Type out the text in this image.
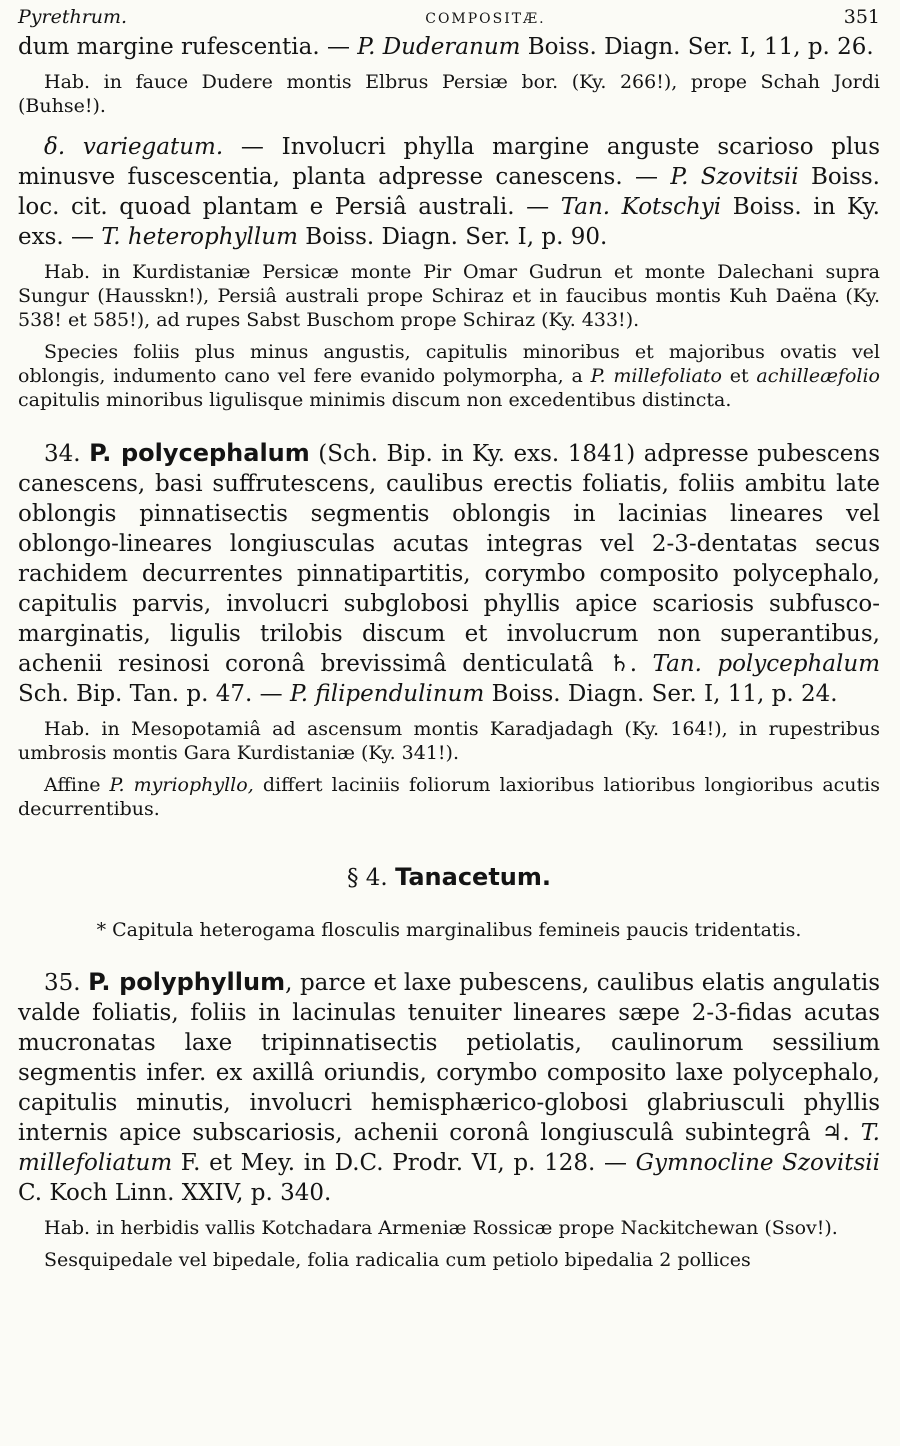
Pyrethrum.	COMPOSITÆ.	351

dum margine rufescentia. — P. Duderanum Boiss. Diagn. Ser. I, 11, p. 26.

Hab. in fauce Dudere montis Elbrus Persiæ bor. (Ky. 266!), prope Schah Jordi (Buhse!).

δ. variegatum. — Involucri phylla margine anguste scarioso plus minusve fuscescentia, planta adpresse canescens. — P. Szovitsii Boiss. loc. cit. quoad plantam e Persiâ australi. — Tan. Kotschyi Boiss. in Ky. exs. — T. heterophyllum Boiss. Diagn. Ser. I, p. 90.

Hab. in Kurdistaniæ Persicæ monte Pir Omar Gudrun et monte Dalechani supra Sungur (Hausskn!), Persiâ australi prope Schiraz et in faucibus montis Kuh Daëna (Ky. 538! et 585!), ad rupes Sabst Buschom prope Schiraz (Ky. 433!).

Species foliis plus minus angustis, capitulis minoribus et majoribus ovatis vel oblongis, indumento cano vel fere evanido polymorpha, a P. millefoliato et achilleæfolio capitulis minoribus ligulisque minimis discum non excedentibus distincta.

34. P. polycephalum (Sch. Bip. in Ky. exs. 1841) adpresse pubescens canescens, basi suffrutescens, caulibus erectis foliatis, foliis ambitu late oblongis pinnatisectis segmentis oblongis in lacinias lineares vel oblongo-lineares longiusculas acutas integras vel 2-3-dentatas secus rachidem decurrentes pinnatipartitis, corymbo composito polycephalo, capitulis parvis, involucri subglobosi phyllis apice scariosis subfusco-marginatis, ligulis trilobis discum et involucrum non superantibus, achenii resinosi coronâ brevissimâ denticulatâ ♄. Tan. polycephalum Sch. Bip. Tan. p. 47. — P. filipendulinum Boiss. Diagn. Ser. I, 11, p. 24.

Hab. in Mesopotamiâ ad ascensum montis Karadjadagh (Ky. 164!), in rupestribus umbrosis montis Gara Kurdistaniæ (Ky. 341!).

Affine P. myriophyllo, differt laciniis foliorum laxioribus latioribus longioribus acutis decurrentibus.

§ 4. Tanacetum.
* Capitula heterogama flosculis marginalibus femineis paucis tridentatis.

35. P. polyphyllum, parce et laxe pubescens, caulibus elatis angulatis valde foliatis, foliis in lacinulas tenuiter lineares sæpe 2-3-fidas acutas mucronatas laxe tripinnatisectis petiolatis, caulinorum sessilium segmentis infer. ex axillâ oriundis, corymbo composito laxe polycephalo, capitulis minutis, involucri hemisphærico-globosi glabriusculi phyllis internis apice subscariosis, achenii coronâ longiusculâ subintegrâ ♃. T. millefoliatum F. et Mey. in D.C. Prodr. VI, p. 128. — Gymnocline Szovitsii C. Koch Linn. XXIV, p. 340.

Hab. in herbidis vallis Kotchadara Armeniæ Rossicæ prope Nackitchewan (Ssov!).

Sesquipedale vel bipedale, folia radicalia cum petiolo bipedalia 2 pollices
